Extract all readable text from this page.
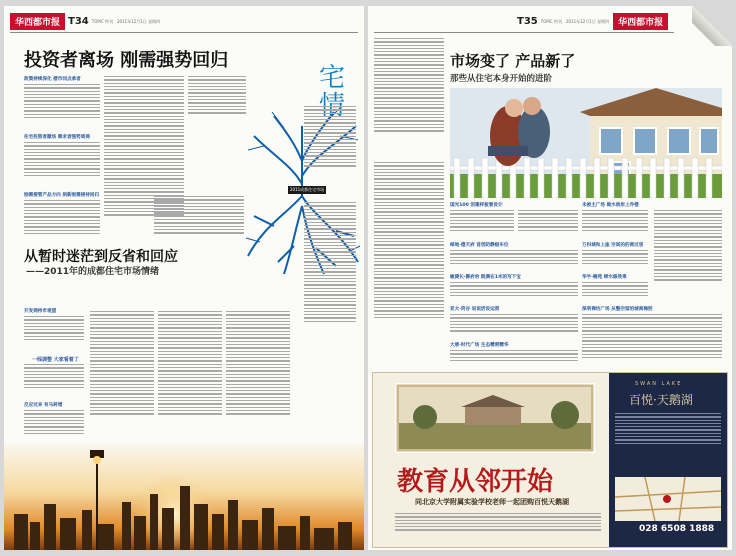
华西都市报 T34 TOPIC 特刊 2011年12月1日 星期四
投资者离场 刚需强势回归
政策持续深化 楼市回点承者
住宅投资者撤场 需求者强势周商
刚需接管产品方向 刻新刚需接待回归
宅
2011成都住宅市场
从暂时迷茫到反省和回应
——2011年的成都住宅市场情绪
开发商持市观望
一线调整 大家看着了
反应过来 有马转增
T35 TOPIC 特刊 2011年12月1日 星期四	华西都市报
市场变了 产品新了
那些从住宅本身开始的进阶
国光100 创建样板看设计
绿地·德天府 首创防静级车位
敏捷长·御府府 既满在1米的写下宝
亚大·同谷 说说活设运资
大唐·时代广场 生态精密精华
未被主广场 做水滨岸上乔楼
万科城和上座 空间的的商过居
华宇·楠苑 缔水修效果
保利禅坊广场 从整空留的城商梅别
教育从邻开始
同北京大学附属实验学校老师一起团购百悦天鹅湖
SWAN LAKE
百悦·天鹅湖
028 6508 1888
